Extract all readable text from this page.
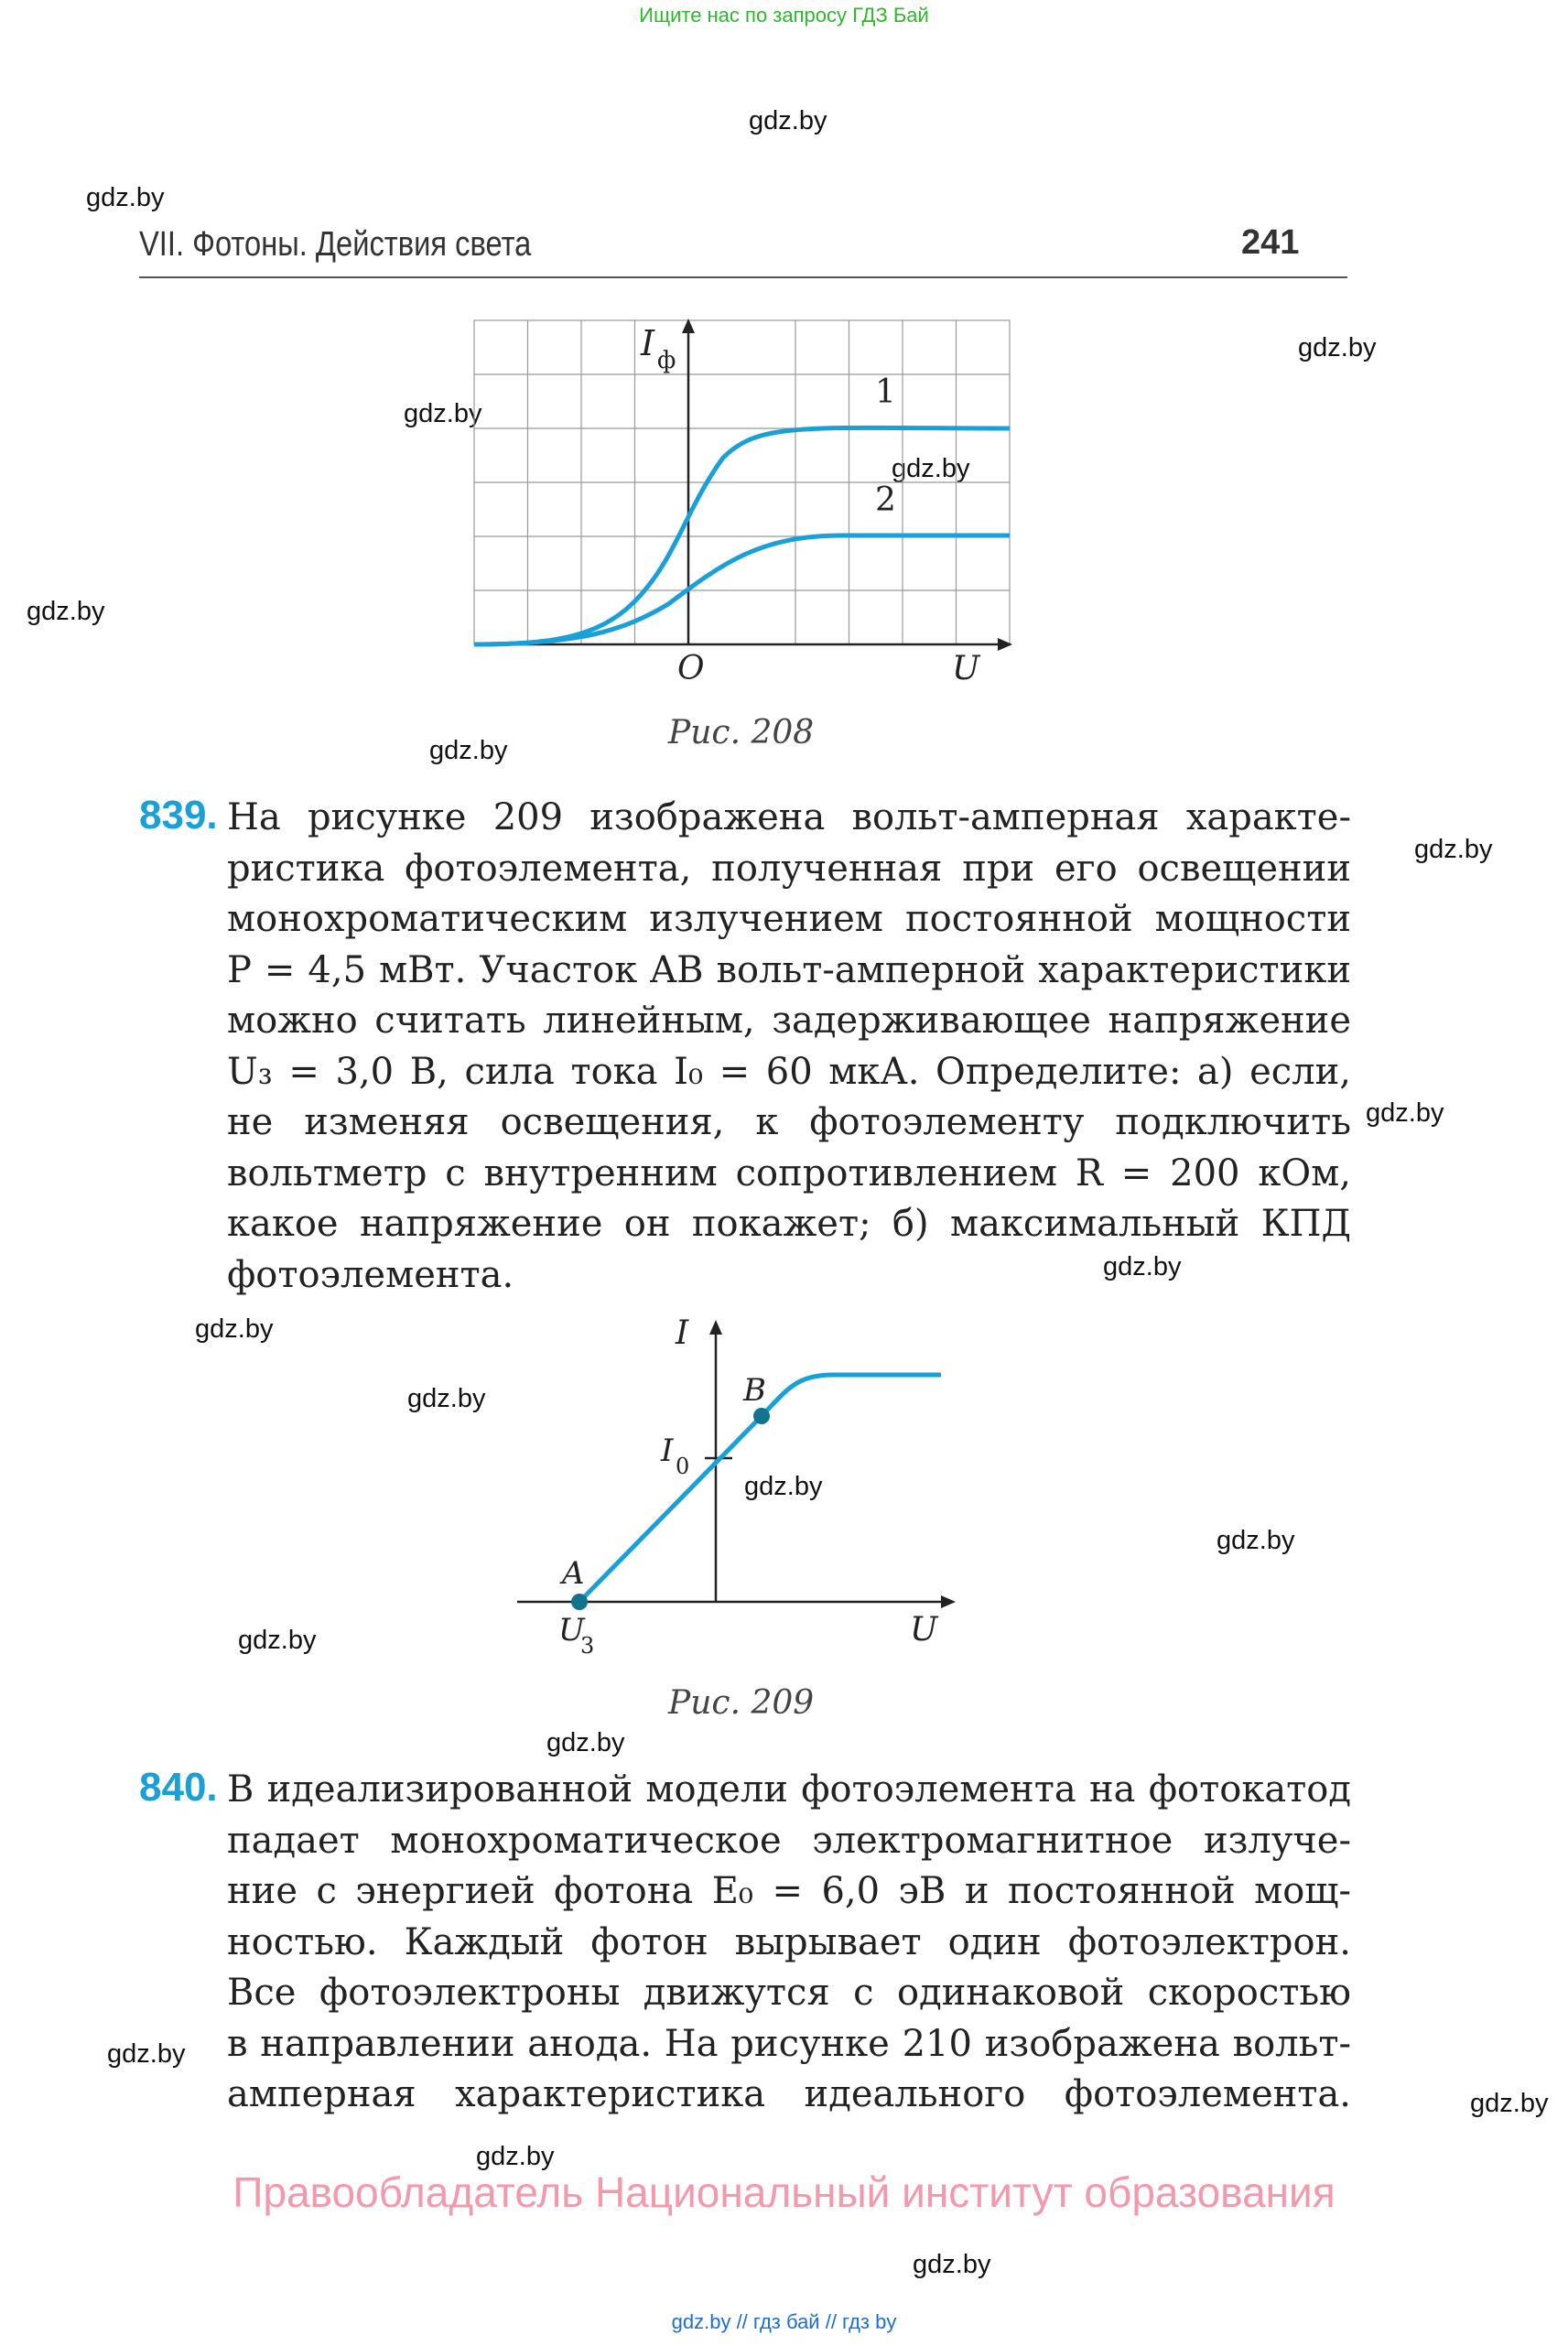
Ищите нас по запросу ГДЗ Бай
gdz.by
gdz.by
gdz.by
gdz.by
gdz.by
gdz.by
gdz.by
gdz.by
gdz.by
gdz.by
gdz.by
gdz.by
gdz.by
gdz.by
gdz.by
gdz.by
gdz.by
gdz.by
gdz.by
gdz.by
VII. Фотоны. Действия света	241
I ф
O	U
1
2
Рис. 208
839. На рисунке 209 изображена вольт-амперная характе-
ристика фотоэлемента, полученная при его освещении
монохроматическим излучением постоянной мощности
P = 4,5 мВт. Участок AB вольт-амперной характеристики
можно считать линейным, задерживающее напряжение
U₃ = 3,0 В, сила тока I₀ = 60 мкА. Определите: а) если,
не изменяя освещения, к фотоэлементу подключить
вольтметр с внутренним сопротивлением R = 200 кОм,
какое напряжение он покажет; б) максимальный КПД
фотоэлемента.
I
B
I 0
A
U
3	U
Рис. 209
840. В идеализированной модели фотоэлемента на фотокатод
падает монохроматическое электромагнитное излуче-
ние с энергией фотона E₀ = 6,0 эВ и постоянной мощ-
ностью. Каждый фотон вырывает один фотоэлектрон.
Все фотоэлектроны движутся с одинаковой скоростью
в направлении анода. На рисунке 210 изображена вольт-
амперная характеристика идеального фотоэлемента.
Правообладатель Национальный институт образования
gdz.by // гдз бай // гдз by
